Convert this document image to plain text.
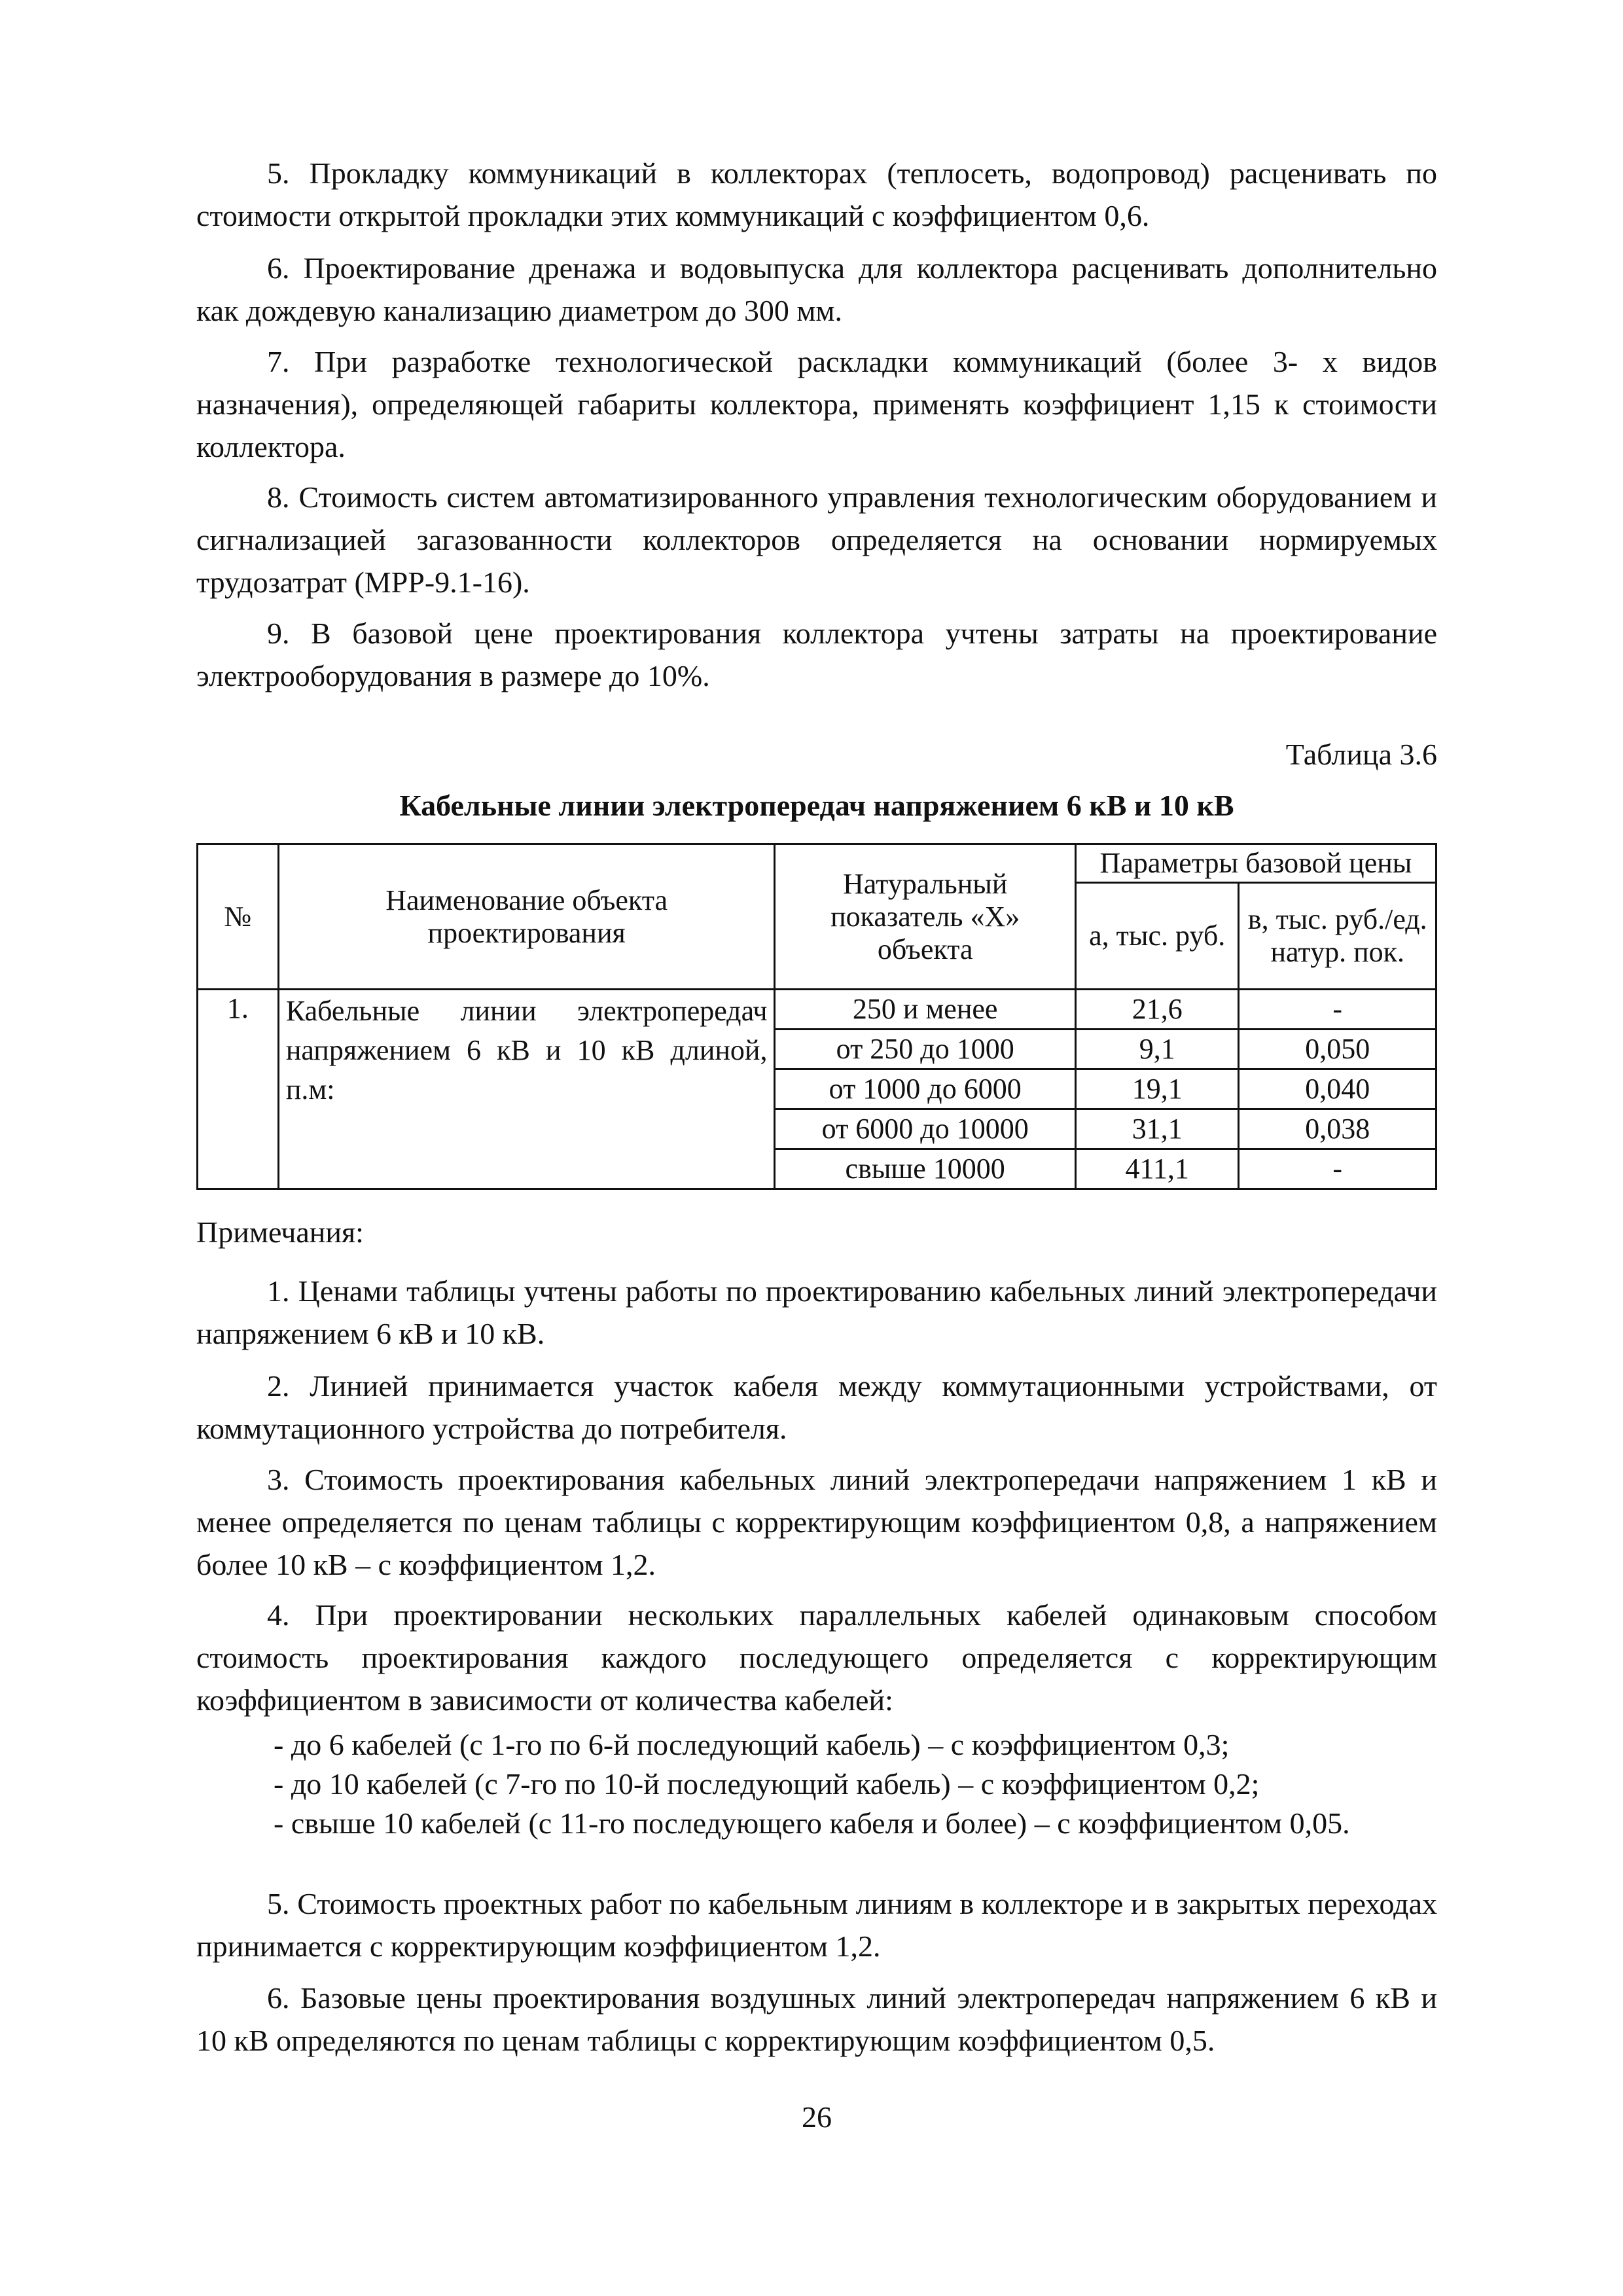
5. Прокладку коммуникаций в коллекторах (теплосеть, водопровод) расценивать по стоимости открытой прокладки этих коммуникаций с коэффициентом 0,6.
6. Проектирование дренажа и водовыпуска для коллектора расценивать дополнительно как дождевую канализацию диаметром до 300 мм.
7. При разработке технологической раскладки коммуникаций (более 3- х видов назначения), определяющей габариты коллектора, применять коэффициент 1,15 к стоимости коллектора.
8. Стоимость систем автоматизированного управления технологическим оборудованием и сигнализацией загазованности коллекторов определяется на основании нормируемых трудозатрат (МРР-9.1-16).
9. В базовой цене проектирования коллектора учтены затраты на проектирование электрооборудования в размере до 10%.
Таблица 3.6
Кабельные линии электропередач напряжением 6 кВ и 10 кВ
№	Наименование объекта проектирования	Натуральный показатель «Х» объекта	Параметры базовой цены	
			а, тыс. руб.	в, тыс. руб./ед. натур. пок.
1.	Кабельные линии электропередач напряжением 6 кВ и 10 кВ длиной, п.м:	250 и менее	21,6	-
		от 250 до 1000	9,1	0,050
		от 1000 до 6000	19,1	0,040
		от 6000 до 10000	31,1	0,038
		свыше 10000	411,1	-
Примечания:
1. Ценами таблицы учтены работы по проектированию кабельных линий электропередачи напряжением 6 кВ и 10 кВ.
2. Линией принимается участок кабеля между коммутационными устройствами, от коммутационного устройства до потребителя.
3. Стоимость проектирования кабельных линий электропередачи напряжением 1 кВ и менее определяется по ценам таблицы с корректирующим коэффициентом 0,8, а напряжением более 10 кВ – с коэффициентом 1,2.
4. При проектировании нескольких параллельных кабелей одинаковым способом стоимость проектирования каждого последующего определяется с корректирующим коэффициентом в зависимости от количества кабелей:
- до 6 кабелей (с 1-го по 6-й последующий кабель) – с коэффициентом 0,3;
- до 10 кабелей (с 7-го по 10-й последующий кабель) – с коэффициентом 0,2;
- свыше 10 кабелей (с 11-го последующего кабеля и более) – с коэффициентом 0,05.
5. Стоимость проектных работ по кабельным линиям в коллекторе и в закрытых переходах принимается с корректирующим коэффициентом 1,2.
6. Базовые цены проектирования воздушных линий электропередач напряжением 6 кВ и 10 кВ определяются по ценам таблицы с корректирующим коэффициентом 0,5.
26
